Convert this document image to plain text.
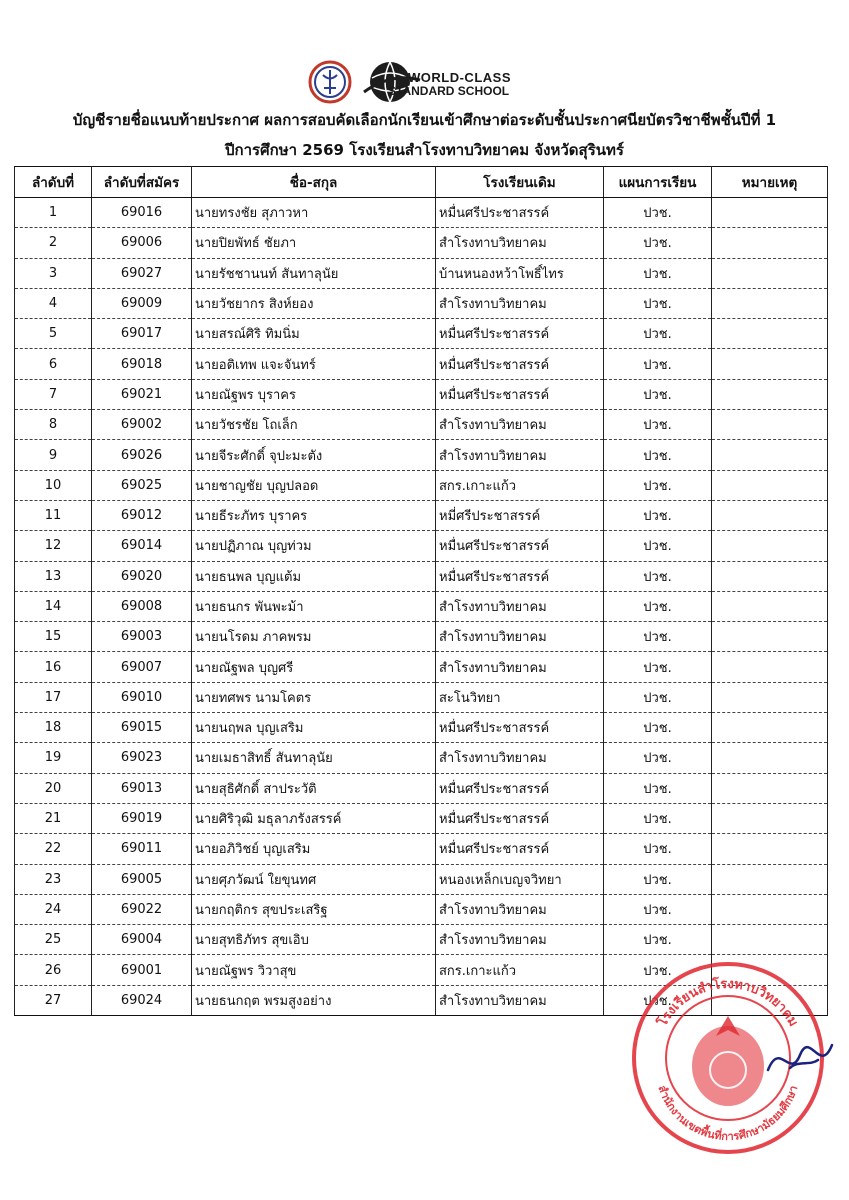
WORLD-CLASS
STANDARD SCHOOL
บัญชีรายชื่อแนบท้ายประกาศ ผลการสอบคัดเลือกนักเรียนเข้าศึกษาต่อระดับชั้นประกาศนียบัตรวิชาชีพชั้นปีที่ 1
ปีการศึกษา 2569 โรงเรียนสำโรงทาบวิทยาคม จังหวัดสุรินทร์
ลำดับที่	ลำดับที่สมัคร	ชื่อ-สกุล	โรงเรียนเดิม	แผนการเรียน	หมายเหตุ
1	69016	นายทรงชัย สุภาวหา	หมื่นศรีประชาสรรค์	ปวช.	
2	69006	นายปิยพัทธ์ ชัยภา	สำโรงทาบวิทยาคม	ปวช.	
3	69027	นายรัชชานนท์ สันทาลุนัย	บ้านหนองหว้าโพธิ์ไทร	ปวช.	
4	69009	นายวัชยากร สิงห์ยอง	สำโรงทาบวิทยาคม	ปวช.	
5	69017	นายสรณ์ศิริ ทิมนิ่ม	หมื่นศรีประชาสรรค์	ปวช.	
6	69018	นายอติเทพ แจะจันทร์	หมื่นศรีประชาสรรค์	ปวช.	
7	69021	นายณัฐพร บุราคร	หมื่นศรีประชาสรรค์	ปวช.	
8	69002	นายวัชรชัย โถเล็ก	สำโรงทาบวิทยาคม	ปวช.	
9	69026	นายจีระศักดิ์ จุปะมะตัง	สำโรงทาบวิทยาคม	ปวช.	
10	69025	นายชาญชัย บุญปลอด	สกร.เกาะแก้ว	ปวช.	
11	69012	นายธีระภัทร บุราคร	หมี่ศรีประชาสรรค์	ปวช.	
12	69014	นายปฏิภาณ บุญท่วม	หมื่นศรีประชาสรรค์	ปวช.	
13	69020	นายธนพล บุญแต้ม	หมื่นศรีประชาสรรค์	ปวช.	
14	69008	นายธนกร พันพะม้า	สำโรงทาบวิทยาคม	ปวช.	
15	69003	นายนโรดม ภาคพรม	สำโรงทาบวิทยาคม	ปวช.	
16	69007	นายณัฐพล บุญศรี	สำโรงทาบวิทยาคม	ปวช.	
17	69010	นายทศพร นามโคตร	สะโนวิทยา	ปวช.	
18	69015	นายนฤพล บุญเสริม	หมื่นศรีประชาสรรค์	ปวช.	
19	69023	นายเมธาสิทธิ์ สันทาลุนัย	สำโรงทาบวิทยาคม	ปวช.	
20	69013	นายสุธิศักดิ์ สาประวัติ	หมื่นศรีประชาสรรค์	ปวช.	
21	69019	นายศิริวุฒิ มธุลาภรังสรรค์	หมื่นศรีประชาสรรค์	ปวช.	
22	69011	นายอภิวิชย์ บุญเสริม	หมื่นศรีประชาสรรค์	ปวช.	
23	69005	นายศุภวัฒน์ ใยขุนทศ	หนองเหล็กเบญจวิทยา	ปวช.	
24	69022	นายกฤติกร สุขประเสริฐ	สำโรงทาบวิทยาคม	ปวช.	
25	69004	นายสุทธิภัทร สุขเอิบ	สำโรงทาบวิทยาคม	ปวช.	
26	69001	นายณัฐพร วิวาสุข	สกร.เกาะแก้ว	ปวช.	
27	69024	นายธนกฤต พรมสูงอย่าง	สำโรงทาบวิทยาคม	ปวช.	
โรงเรียนสำโรงทาบวิทยาคม
สำนักงานเขตพื้นที่การศึกษามัธยมศึกษา
